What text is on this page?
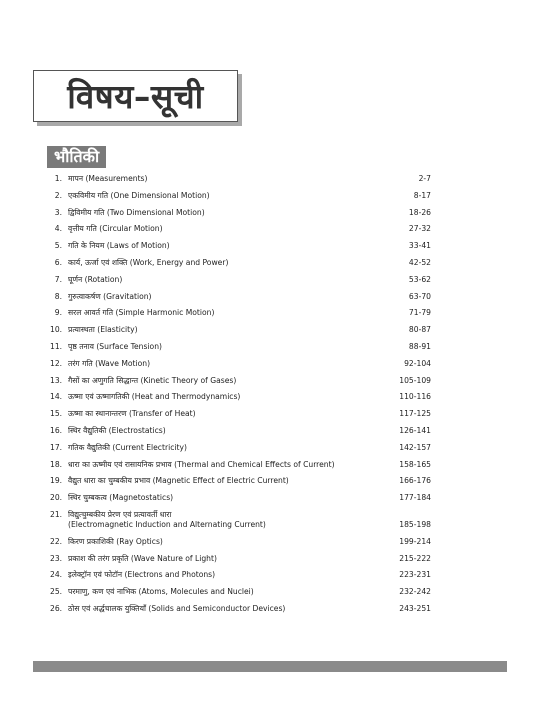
विषय–सूची
भौतिकी
1. मापन (Measurements)	2-7
2. एकविमीय गति (One Dimensional Motion)	8-17
3. द्विविमीय गति (Two Dimensional Motion)	18-26
4. वृत्तीय गति (Circular Motion)	27-32
5. गति के नियम (Laws of Motion)	33-41
6. कार्य, ऊर्जा एवं शक्ति (Work, Energy and Power)	42-52
7. घूर्णन (Rotation)	53-62
8. गुरुत्वाकर्षण (Gravitation)	63-70
9. सरल आवर्त गति (Simple Harmonic Motion)	71-79
10. प्रत्यास्थता (Elasticity)	80-87
11. पृष्ठ तनाव (Surface Tension)	88-91
12. तरंग गति (Wave Motion)	92-104
13. गैसों का अणुगति सिद्धान्त (Kinetic Theory of Gases)	105-109
14. ऊष्मा एवं ऊष्मागतिकी (Heat and Thermodynamics)	110-116
15. ऊष्मा का स्थानान्तरण (Transfer of Heat)	117-125
16. स्थिर वैद्युतिकी (Electrostatics)	126-141
17. गतिक वैद्युतिकी (Current Electricity)	142-157
18. धारा का ऊष्मीय एवं रासायनिक प्रभाव (Thermal and Chemical Effects of Current)	158-165
19. वैद्युत धारा का चुम्बकीय प्रभाव (Magnetic Effect of Electric Current)	166-176
20. स्थिर चुम्बकत्व (Magnetostatics)	177-184
21. विद्युत्चुम्बकीय प्रेरण एवं प्रत्यावर्ती धारा
(Electromagnetic Induction and Alternating Current)	185-198
22. किरण प्रकाशिकी (Ray Optics)	199-214
23. प्रकाश की तरंग प्रकृति (Wave Nature of Light)	215-222
24. इलेक्ट्रॉन एवं फोटॉन (Electrons and Photons)	223-231
25. परमाणु, कण एवं नाभिक (Atoms, Molecules and Nuclei)	232-242
26. ठोस एवं अर्द्धचालक युक्तियाँ (Solids and Semiconductor Devices)	243-251
